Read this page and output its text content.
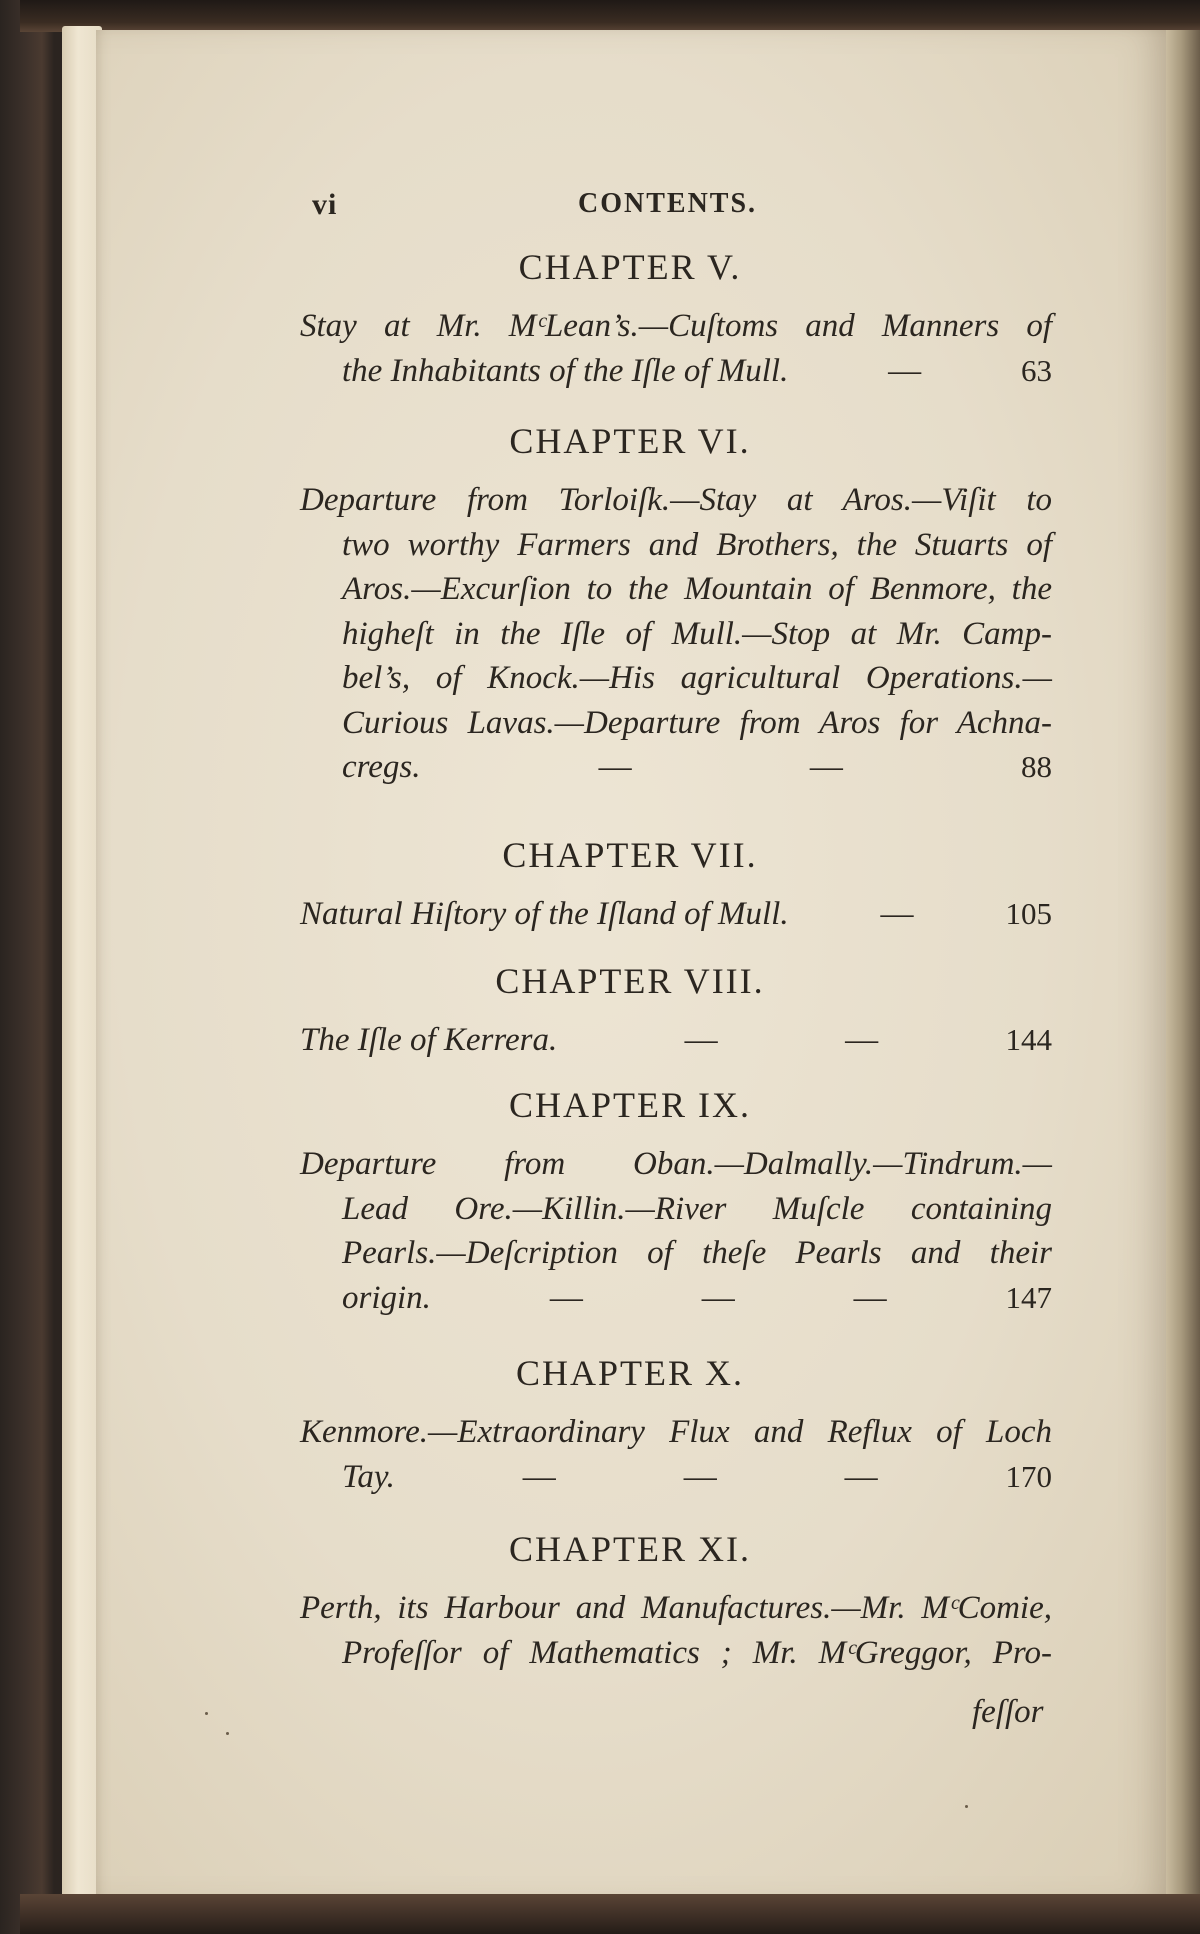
vi	CONTENTS.
CHAPTER V.
Stay at Mr. MᶜLean’s.—Cuſtoms and Manners of
the Inhabitants of the Iſle of Mull.	—	63
CHAPTER VI.
Departure from Torloiſk.—Stay at Aros.—Viſit to
two worthy Farmers and Brothers, the Stuarts of
Aros.—Excurſion to the Mountain of Benmore, the
higheſt in the Iſle of Mull.—Stop at Mr. Camp-
bel’s, of Knock.—His agricultural Operations.—
Curious Lavas.—Departure from Aros for Achna-
cregs.	—	—	88
CHAPTER VII.
Natural Hiſtory of the Iſland of Mull.	—	105
CHAPTER VIII.
The Iſle of Kerrera.	—	—	144
CHAPTER IX.
Departure from Oban.—Dalmally.—Tindrum.—
Lead Ore.—Killin.—River Muſcle containing
Pearls.—Deſcription of theſe Pearls and their
origin.	—	—	—	147
CHAPTER X.
Kenmore.—Extraordinary Flux and Reflux of Loch
Tay.	—	—	—	170
CHAPTER XI.
Perth, its Harbour and Manufactures.—Mr. MᶜComie,
Profeſſor of Mathematics ; Mr. MᶜGreggor, Pro-
feſſor
